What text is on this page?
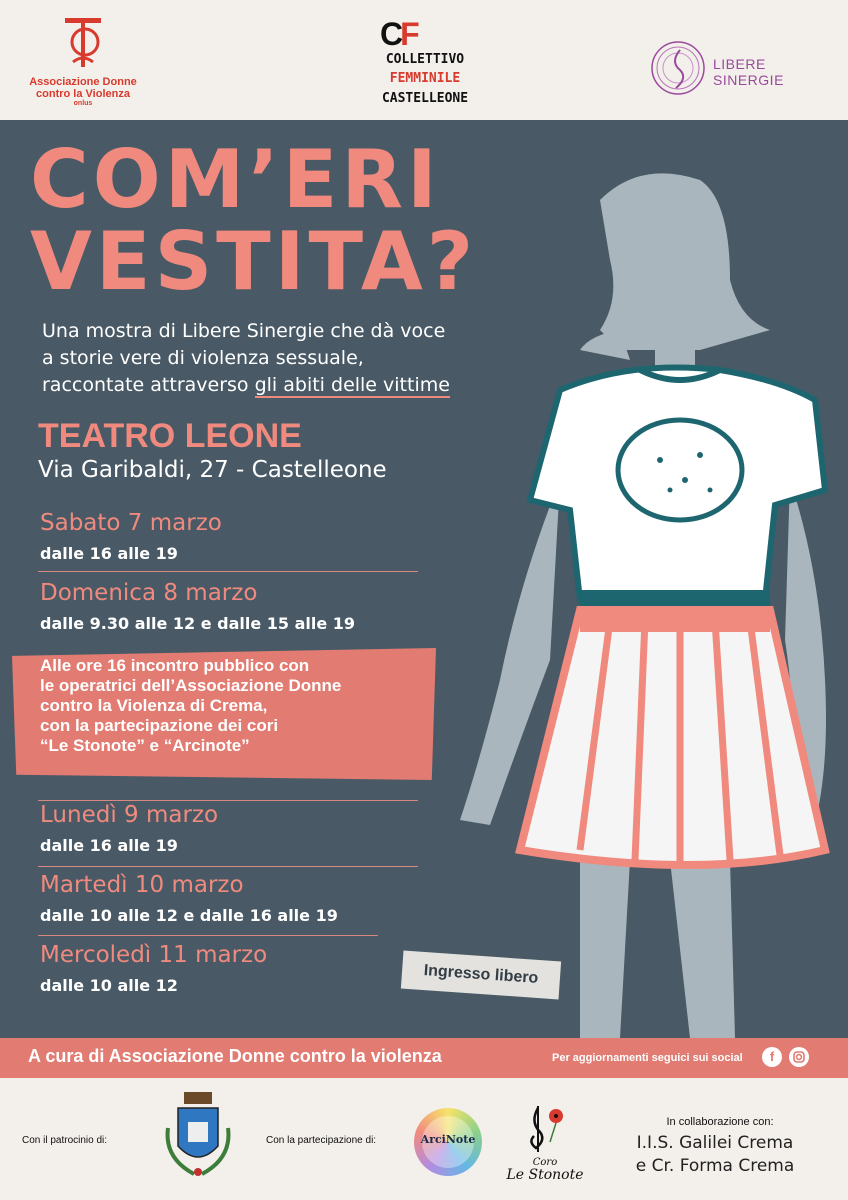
Associazione Donne
contro la Violenza
onlus
CF
COLLETTIVO
FEMMINILE
CASTELLEONE
LIBERE
SINERGIE
COM’ERI
VESTITA?
Una mostra di Libere Sinergie che dà voce
a storie vere di violenza sessuale,
raccontate attraverso gli abiti delle vittime
TEATRO LEONE
Via Garibaldi, 27 - Castelleone
Sabato 7 marzo
dalle 16 alle 19
Domenica 8 marzo
dalle 9.30 alle 12 e dalle 15 alle 19
Alle ore 16 incontro pubblico con
le operatrici dell’Associazione Donne
contro la Violenza di Crema,
con la partecipazione dei cori
“Le Stonote” e “Arcinote”
Lunedì 9 marzo
dalle 16 alle 19
Martedì 10 marzo
dalle 10 alle 12 e dalle 16 alle 19
Mercoledì 11 marzo
dalle 10 alle 12	Ingresso libero
A cura di Associazione Donne contro la violenza	Per aggiornamenti seguici sui social	f
Con il patrocinio di:	Con la partecipazione di:	ArciNote
Coro
Le Stonote
In collaborazione con:
I.I.S. Galilei Crema
e Cr. Forma Crema
